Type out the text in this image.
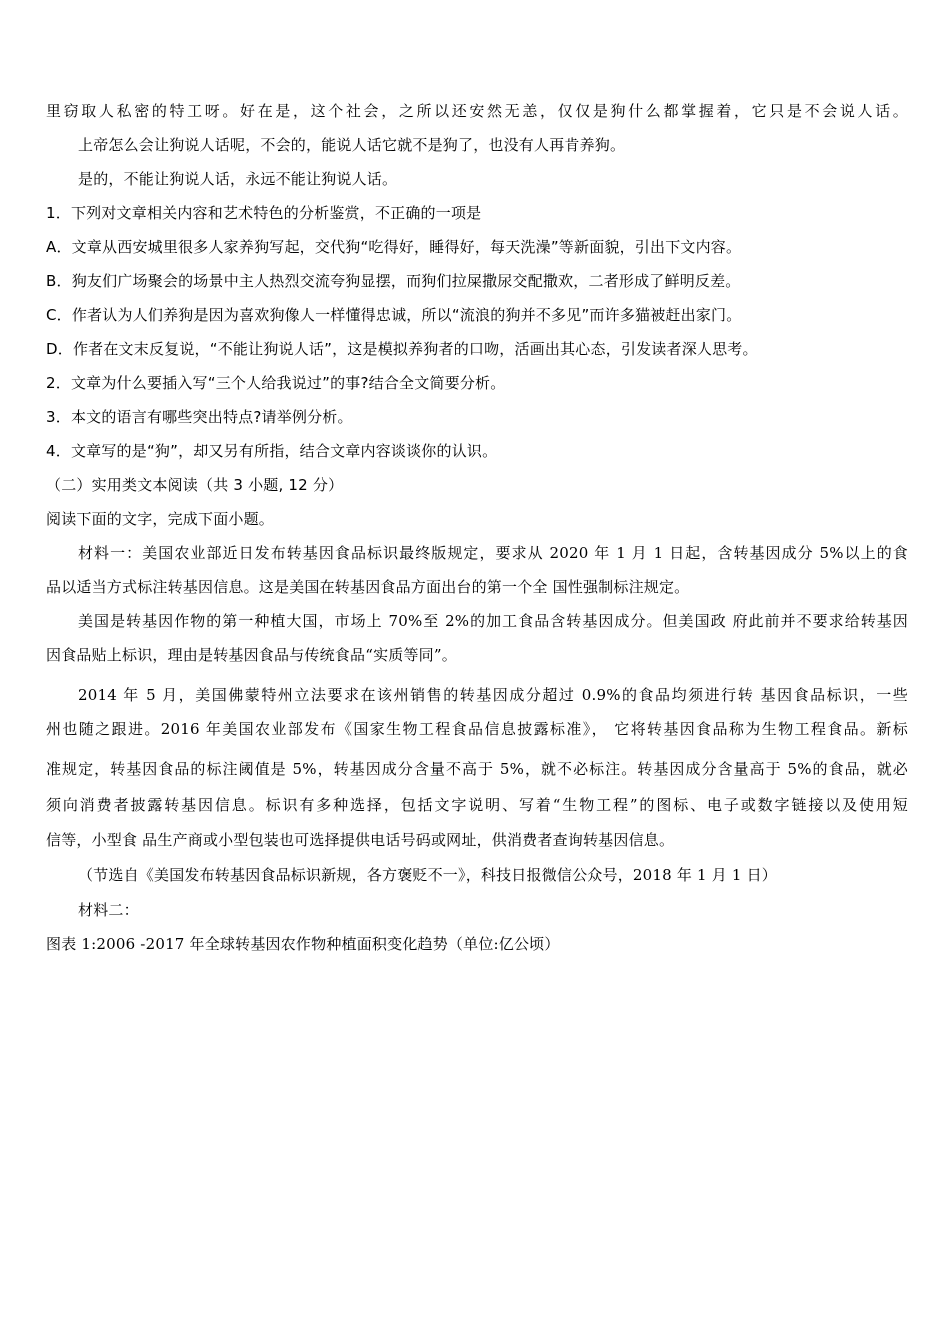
里窃取人私密的特工呀。好在是，这个社会，之所以还安然无恙，仅仅是狗什么都掌握着，它只是不会说人话。
上帝怎么会让狗说人话呢，不会的，能说人话它就不是狗了，也没有人再肯养狗。
是的，不能让狗说人话，永远不能让狗说人话。
1．下列对文章相关内容和艺术特色的分析鉴赏，不正确的一项是
A．文章从西安城里很多人家养狗写起，交代狗“吃得好，睡得好，每天洗澡”等新面貌，引出下文内容。
B．狗友们广场聚会的场景中主人热烈交流夸狗显摆，而狗们拉屎撒尿交配撒欢，二者形成了鲜明反差。
C．作者认为人们养狗是因为喜欢狗像人一样懂得忠诚，所以“流浪的狗并不多见”而许多猫被赶出家门。
D．作者在文末反复说，“不能让狗说人话”，这是模拟养狗者的口吻，活画出其心态，引发读者深人思考。
2．文章为什么要插入写“三个人给我说过”的事?结合全文简要分析。
3．本文的语言有哪些突出特点?请举例分析。
4．文章写的是“狗”，却又另有所指，结合文章内容谈谈你的认识。
（二）实用类文本阅读（共 3 小题, 12 分）
阅读下面的文字，完成下面小题。
材料一：美国农业部近日发布转基因食品标识最终版规定，要求从 2020 年 1 月 1 日起，含转基因成分 5%以上的食
品以适当方式标注转基因信息。这是美国在转基因食品方面出台的第一个全 国性强制标注规定。
美国是转基因作物的第一种植大国，市场上 70%至 2%的加工食品含转基因成分。但美国政 府此前并不要求给转基因
因食品贴上标识，理由是转基因食品与传统食品“实质等同”。
2014 年 5 月，美国佛蒙特州立法要求在该州销售的转基因成分超过 0.9%的食品均须进行转 基因食品标识，一些
州也随之跟进。2016 年美国农业部发布《国家生物工程食品信息披露标准》， 它将转基因食品称为生物工程食品。新标
准规定，转基因食品的标注阈值是 5%，转基因成分含量不高于 5%，就不必标注。转基因成分含量高于 5%的食品，就必
须向消费者披露转基因信息。标识有多种选择，包括文字说明、写着“生物工程”的图标、电子或数字链接以及使用短
信等，小型食 品生产商或小型包装也可选择提供电话号码或网址，供消费者查询转基因信息。
（节选自《美国发布转基因食品标识新规，各方褒贬不一》，科技日报微信公众号，2018 年 1 月 1 日）
材料二：
图表 1:2006 -2017 年全球转基因农作物种植面积变化趋势（单位:亿公顷）
